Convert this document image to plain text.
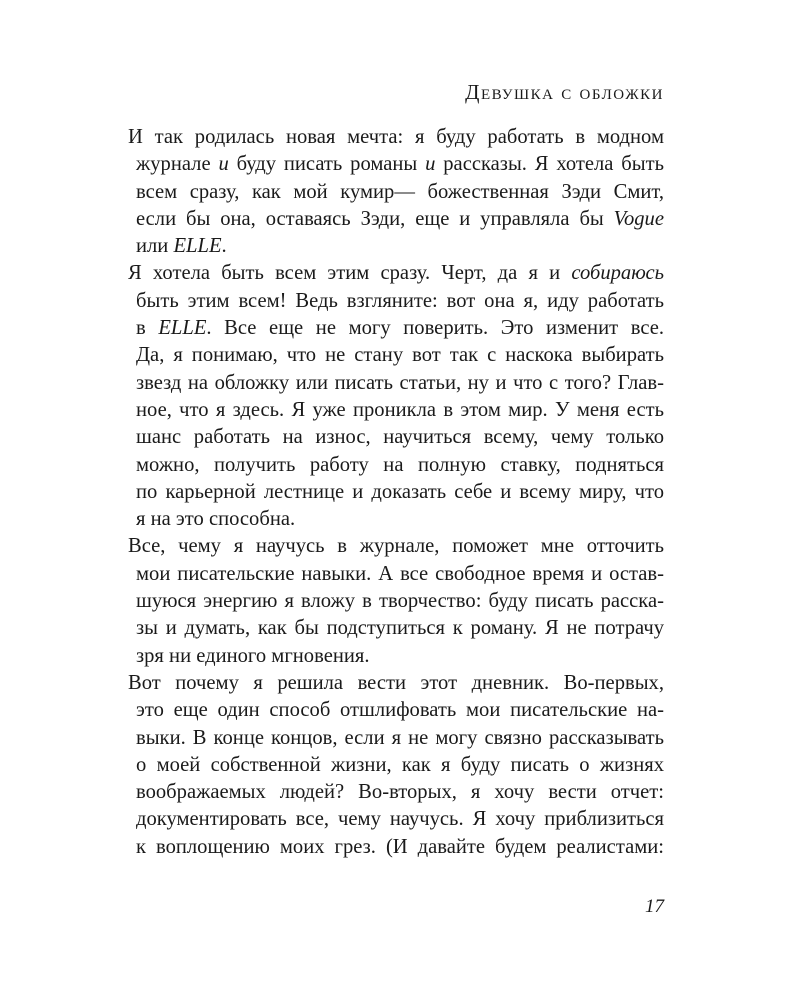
Девушка с обложки
И так родилась новая мечта: я буду работать в модном
журнале и буду писать романы и рассказы. Я хотела быть
всем сразу, как мой кумир— божественная Зэди Смит,
если бы она, оставаясь Зэди, еще и управляла бы Vogue
или ELLE.
Я хотела быть всем этим сразу. Черт, да я и собираюсь
быть этим всем! Ведь взгляните: вот она я, иду работать
в ELLE. Все еще не могу поверить. Это изменит все.
Да, я понимаю, что не стану вот так с наскока выбирать
звезд на обложку или писать статьи, ну и что с того? Глав-
ное, что я здесь. Я уже проникла в этом мир. У меня есть
шанс работать на износ, научиться всему, чему только
можно, получить работу на полную ставку, подняться
по карьерной лестнице и доказать себе и всему миру, что
я на это способна.
Все, чему я научусь в журнале, поможет мне отточить
мои писательские навыки. А все свободное время и остав-
шуюся энергию я вложу в творчество: буду писать расска-
зы и думать, как бы подступиться к роману. Я не потрачу
зря ни единого мгновения.
Вот почему я решила вести этот дневник. Во-первых,
это еще один способ отшлифовать мои писательские на-
выки. В конце концов, если я не могу связно рассказывать
о моей собственной жизни, как я буду писать о жизнях
воображаемых людей? Во-вторых, я хочу вести отчет:
документировать все, чему научусь. Я хочу приблизиться
к воплощению моих грез. (И давайте будем реалистами:
17
